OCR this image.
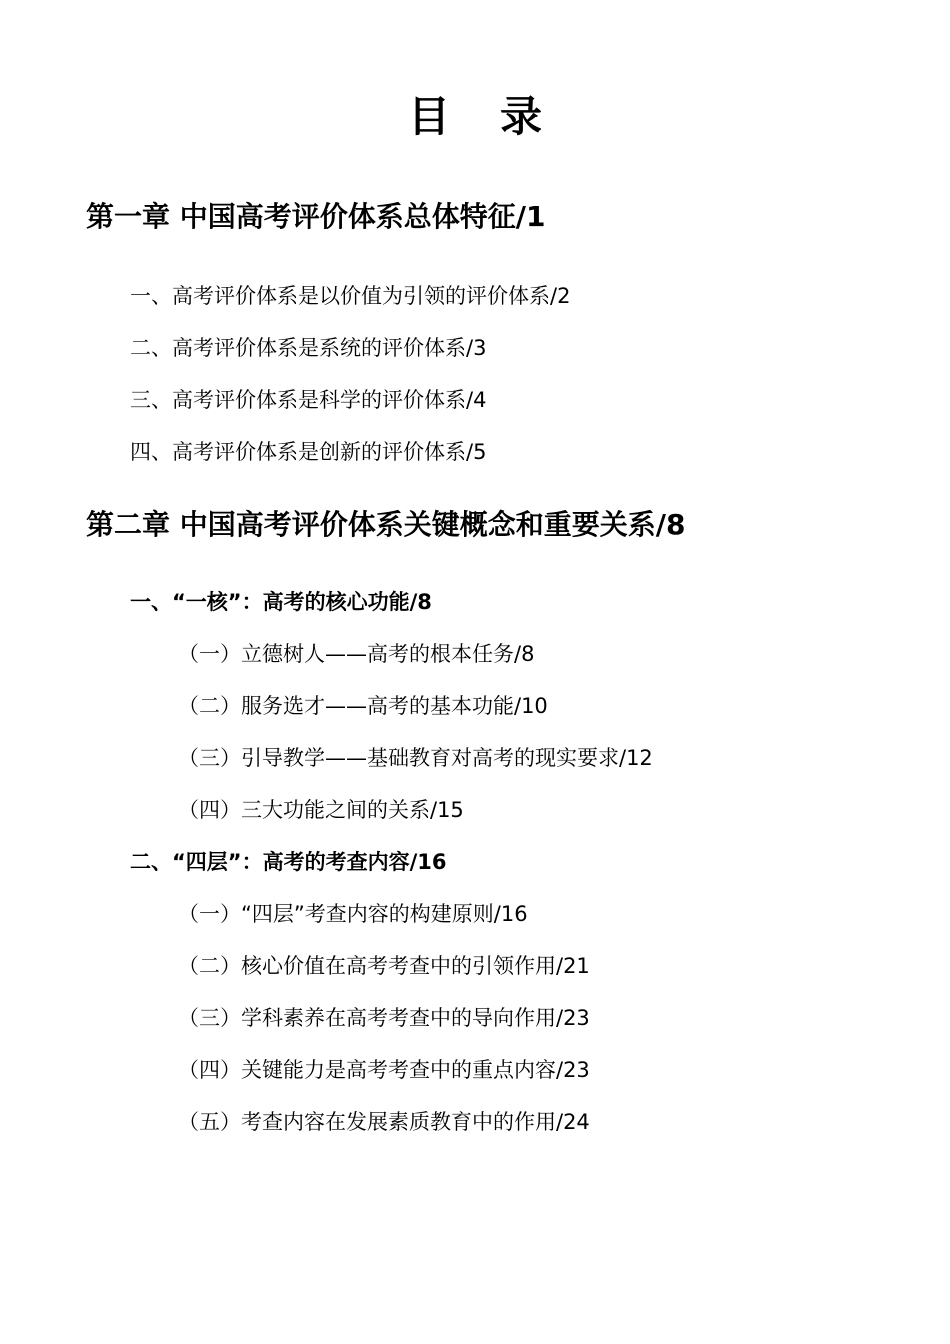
目 录
第一章 中国高考评价体系总体特征/1
一、高考评价体系是以价值为引领的评价体系/2
二、高考评价体系是系统的评价体系/3
三、高考评价体系是科学的评价体系/4
四、高考评价体系是创新的评价体系/5
第二章 中国高考评价体系关键概念和重要关系/8
一、“一核”：高考的核心功能/8
（一）立德树人——高考的根本任务/8
（二）服务选才——高考的基本功能/10
（三）引导教学——基础教育对高考的现实要求/12
（四）三大功能之间的关系/15
二、“四层”：高考的考查内容/16
（一）“四层”考查内容的构建原则/16
（二）核心价值在高考考查中的引领作用/21
（三）学科素养在高考考查中的导向作用/23
（四）关键能力是高考考查中的重点内容/23
（五）考查内容在发展素质教育中的作用/24
